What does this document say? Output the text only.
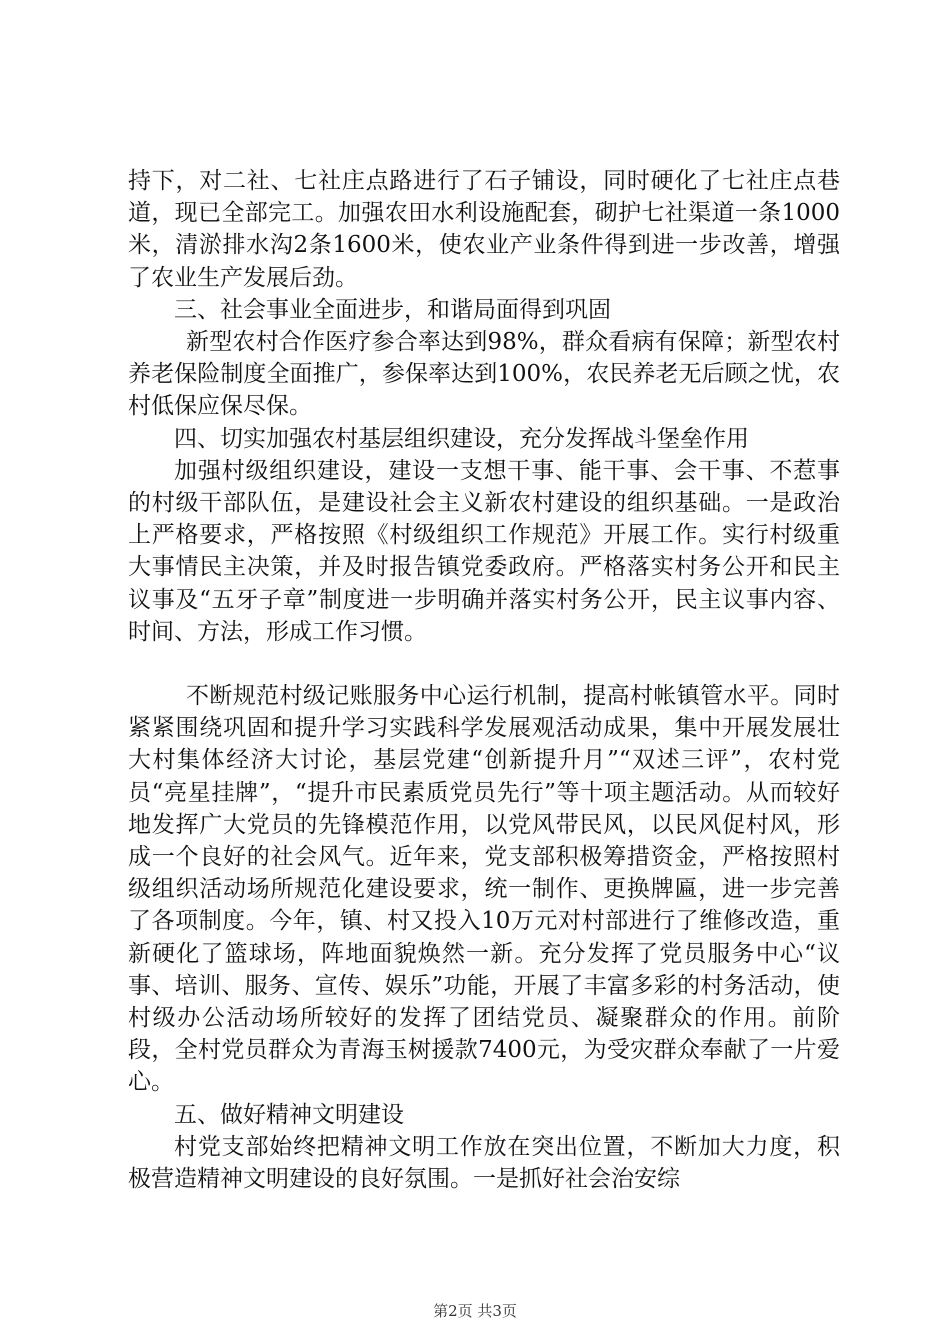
持下，对二社、七社庄点路进行了石子铺设，同时硬化了七社庄点巷道，现已全部完工。加强农田水利设施配套，砌护七社渠道一条1000米，清淤排水沟2条1600米，使农业产业条件得到进一步改善，增强了农业生产发展后劲。

三、社会事业全面进步，和谐局面得到巩固

新型农村合作医疗参合率达到98%，群众看病有保障；新型农村养老保险制度全面推广，参保率达到100%，农民养老无后顾之忧，农村低保应保尽保。

四、切实加强农村基层组织建设，充分发挥战斗堡垒作用

加强村级组织建设，建设一支想干事、能干事、会干事、不惹事的村级干部队伍，是建设社会主义新农村建设的组织基础。一是政治上严格要求，严格按照《村级组织工作规范》开展工作。实行村级重大事情民主决策，并及时报告镇党委政府。严格落实村务公开和民主议事及“五牙子章”制度进一步明确并落实村务公开，民主议事内容、时间、方法，形成工作习惯。

不断规范村级记账服务中心运行机制，提高村帐镇管水平。同时紧紧围绕巩固和提升学习实践科学发展观活动成果，集中开展发展壮大村集体经济大讨论，基层党建“创新提升月”“双述三评”，农村党员“亮星挂牌”，“提升市民素质党员先行”等十项主题活动。从而较好地发挥广大党员的先锋模范作用，以党风带民风，以民风促村风，形成一个良好的社会风气。近年来，党支部积极筹措资金，严格按照村级组织活动场所规范化建设要求，统一制作、更换牌匾，进一步完善了各项制度。今年，镇、村又投入10万元对村部进行了维修改造，重新硬化了篮球场，阵地面貌焕然一新。充分发挥了党员服务中心“议事、培训、服务、宣传、娱乐”功能，开展了丰富多彩的村务活动，使村级办公活动场所较好的发挥了团结党员、凝聚群众的作用。前阶段，全村党员群众为青海玉树援款7400元，为受灾群众奉献了一片爱心。

五、做好精神文明建设

村党支部始终把精神文明工作放在突出位置，不断加大力度，积极营造精神文明建设的良好氛围。一是抓好社会治安综

第2页 共3页
